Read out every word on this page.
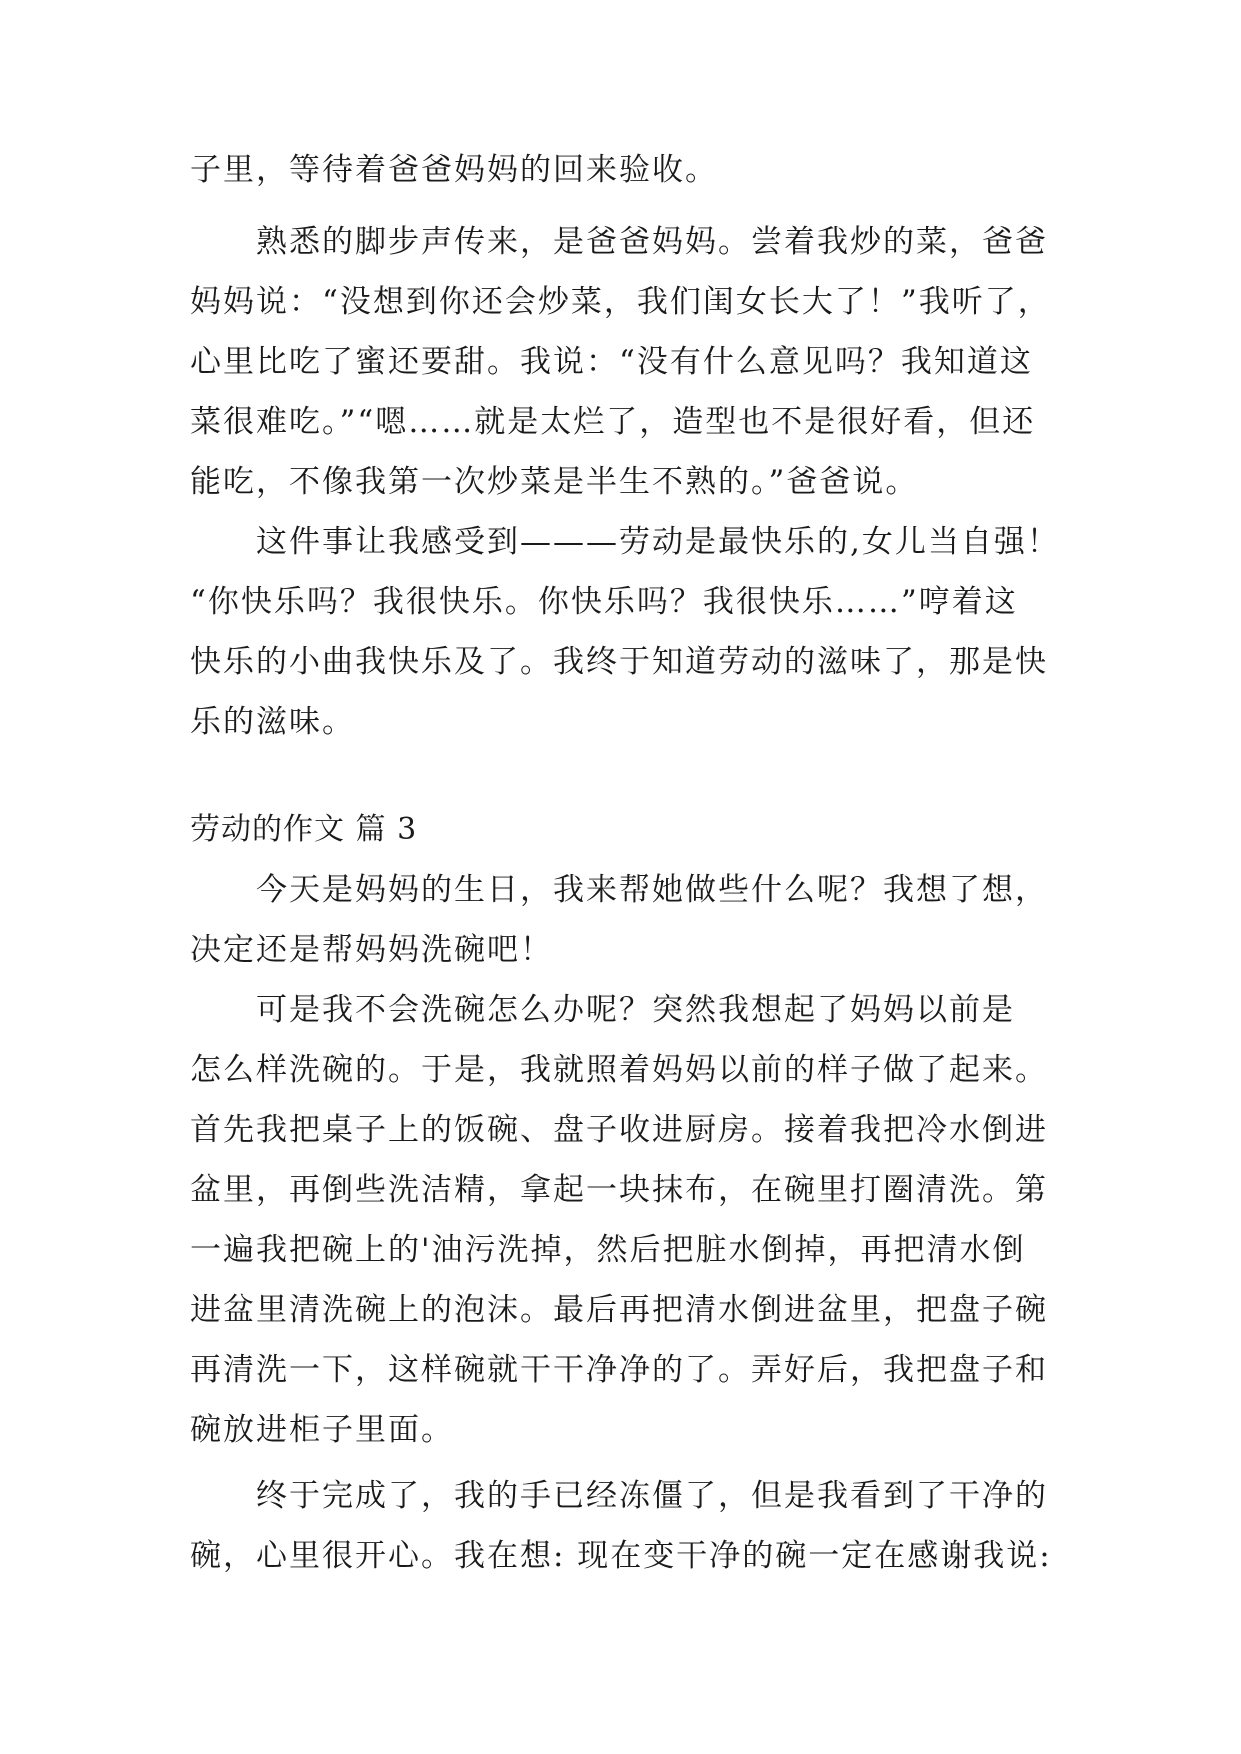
子里，等待着爸爸妈妈的回来验收。
　　熟悉的脚步声传来，是爸爸妈妈。尝着我炒的菜，爸爸
妈妈说：“没想到你还会炒菜，我们闺女长大了！”我听了，
心里比吃了蜜还要甜。我说：“没有什么意见吗？我知道这
菜很难吃。”“嗯……就是太烂了，造型也不是很好看，但还
能吃，不像我第一次炒菜是半生不熟的。”爸爸说。
　　这件事让我感受到———劳动是最快乐的,女儿当自强！
“你快乐吗？我很快乐。你快乐吗？我很快乐……”哼着这
快乐的小曲我快乐及了。我终于知道劳动的滋味了，那是快
乐的滋味。
劳动的作文 篇 3
　　今天是妈妈的生日，我来帮她做些什么呢？我想了想，
决定还是帮妈妈洗碗吧！
　　可是我不会洗碗怎么办呢？突然我想起了妈妈以前是
怎么样洗碗的。于是，我就照着妈妈以前的样子做了起来。
首先我把桌子上的饭碗、盘子收进厨房。接着我把冷水倒进
盆里，再倒些洗洁精，拿起一块抹布，在碗里打圈清洗。第
一遍我把碗上的'油污洗掉，然后把脏水倒掉，再把清水倒
进盆里清洗碗上的泡沫。最后再把清水倒进盆里，把盘子碗
再清洗一下，这样碗就干干净净的了。弄好后，我把盘子和
碗放进柜子里面。
　　终于完成了，我的手已经冻僵了，但是我看到了干净的
碗，心里很开心。我在想: 现在变干净的碗一定在感谢我说:
